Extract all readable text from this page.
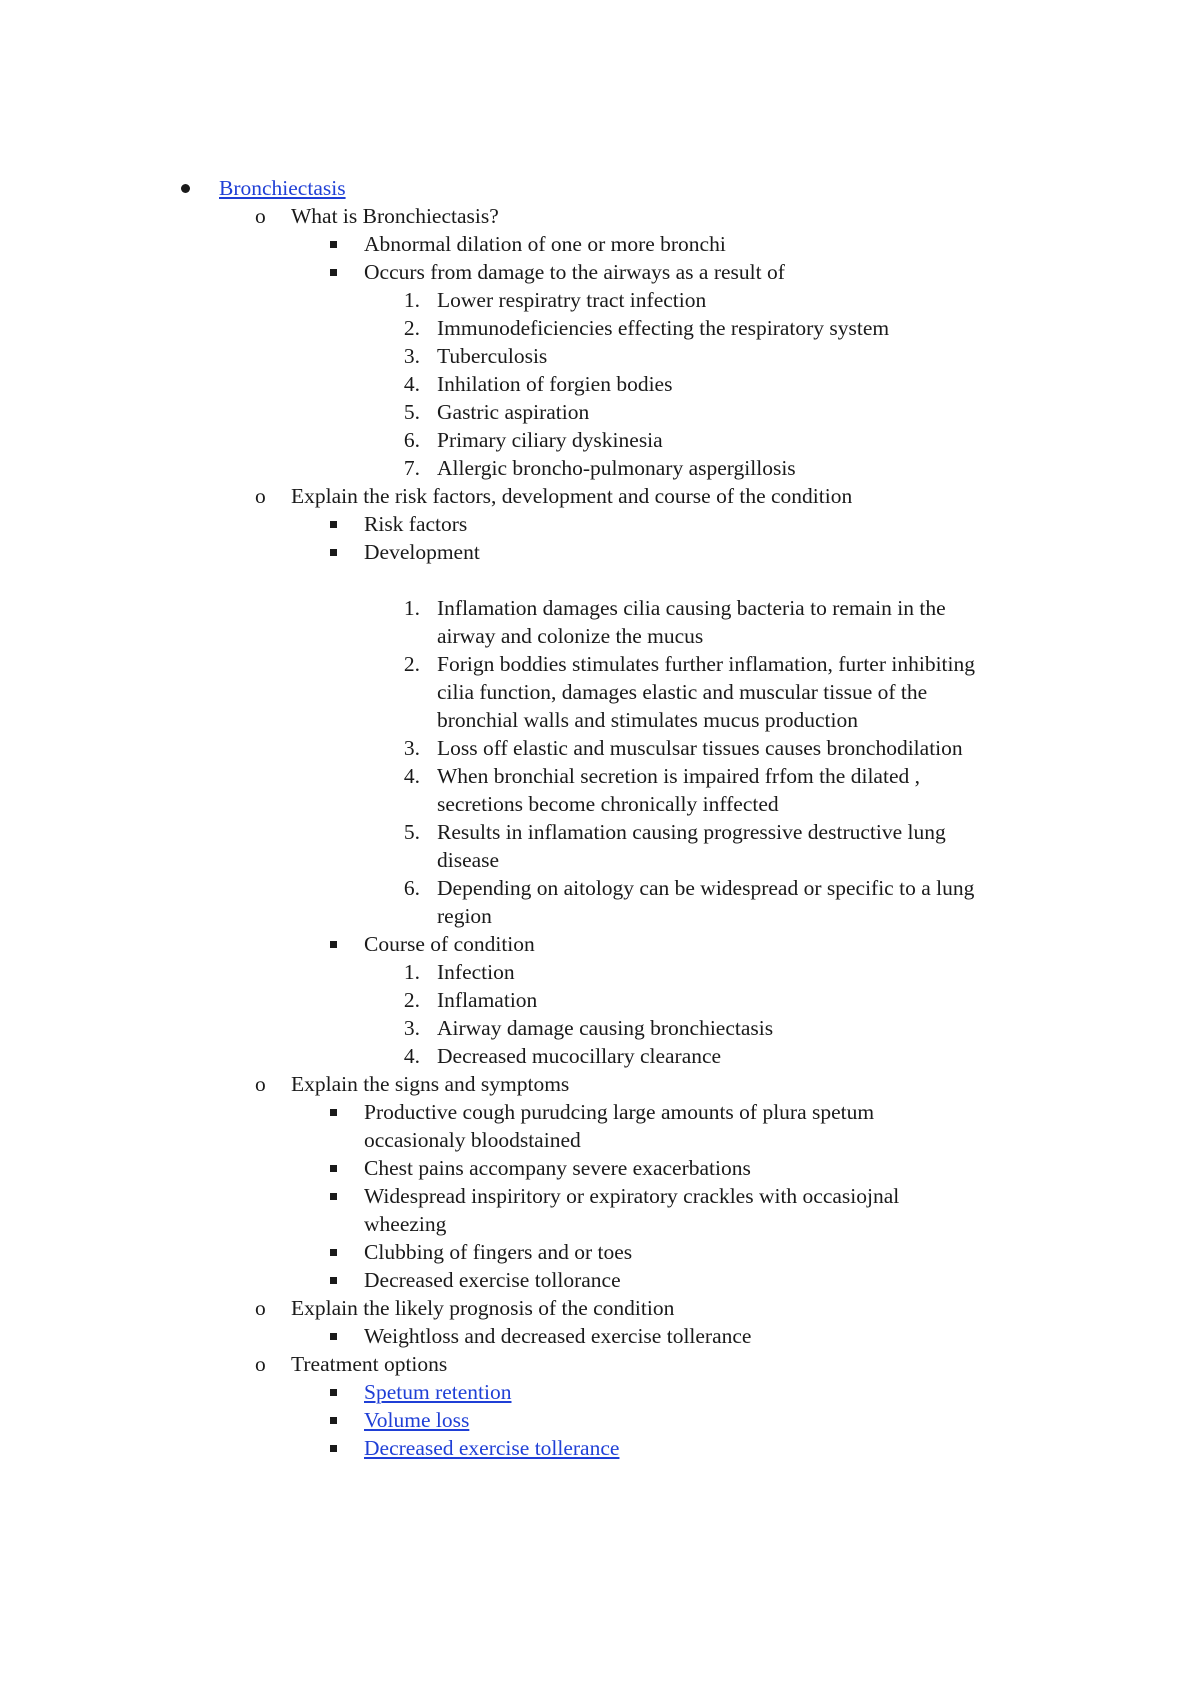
Bronchiectasis
o What is Bronchiectasis?
Abnormal dilation of one or more bronchi
Occurs from damage to the airways as a result of
1. Lower respiratry tract infection
2. Immunodeficiencies effecting the respiratory system
3. Tuberculosis
4. Inhilation of forgien bodies
5. Gastric aspiration
6. Primary ciliary dyskinesia
7. Allergic broncho-pulmonary aspergillosis
o Explain the risk factors, development and course of the condition
Risk factors
Development
1. Inflamation damages cilia causing bacteria to remain in the
airway and colonize the mucus
2. Forign boddies stimulates further inflamation, furter inhibiting
cilia function, damages elastic and muscular tissue of the
bronchial walls and stimulates mucus production
3. Loss off elastic and musculsar tissues causes bronchodilation
4. When bronchial secretion is impaired frfom the dilated ,
secretions become chronically inffected
5. Results in inflamation causing progressive destructive lung
disease
6. Depending on aitology can be widespread or specific to a lung
region
Course of condition
1. Infection
2. Inflamation
3. Airway damage causing bronchiectasis
4. Decreased mucocillary clearance
o Explain the signs and symptoms
Productive cough purudcing large amounts of plura spetum
occasionaly bloodstained
Chest pains accompany severe exacerbations
Widespread inspiritory or expiratory crackles with occasiojnal
wheezing
Clubbing of fingers and or toes
Decreased exercise tollorance
o Explain the likely prognosis of the condition
Weightloss and decreased exercise tollerance
o Treatment options
Spetum retention
Volume loss
Decreased exercise tollerance
